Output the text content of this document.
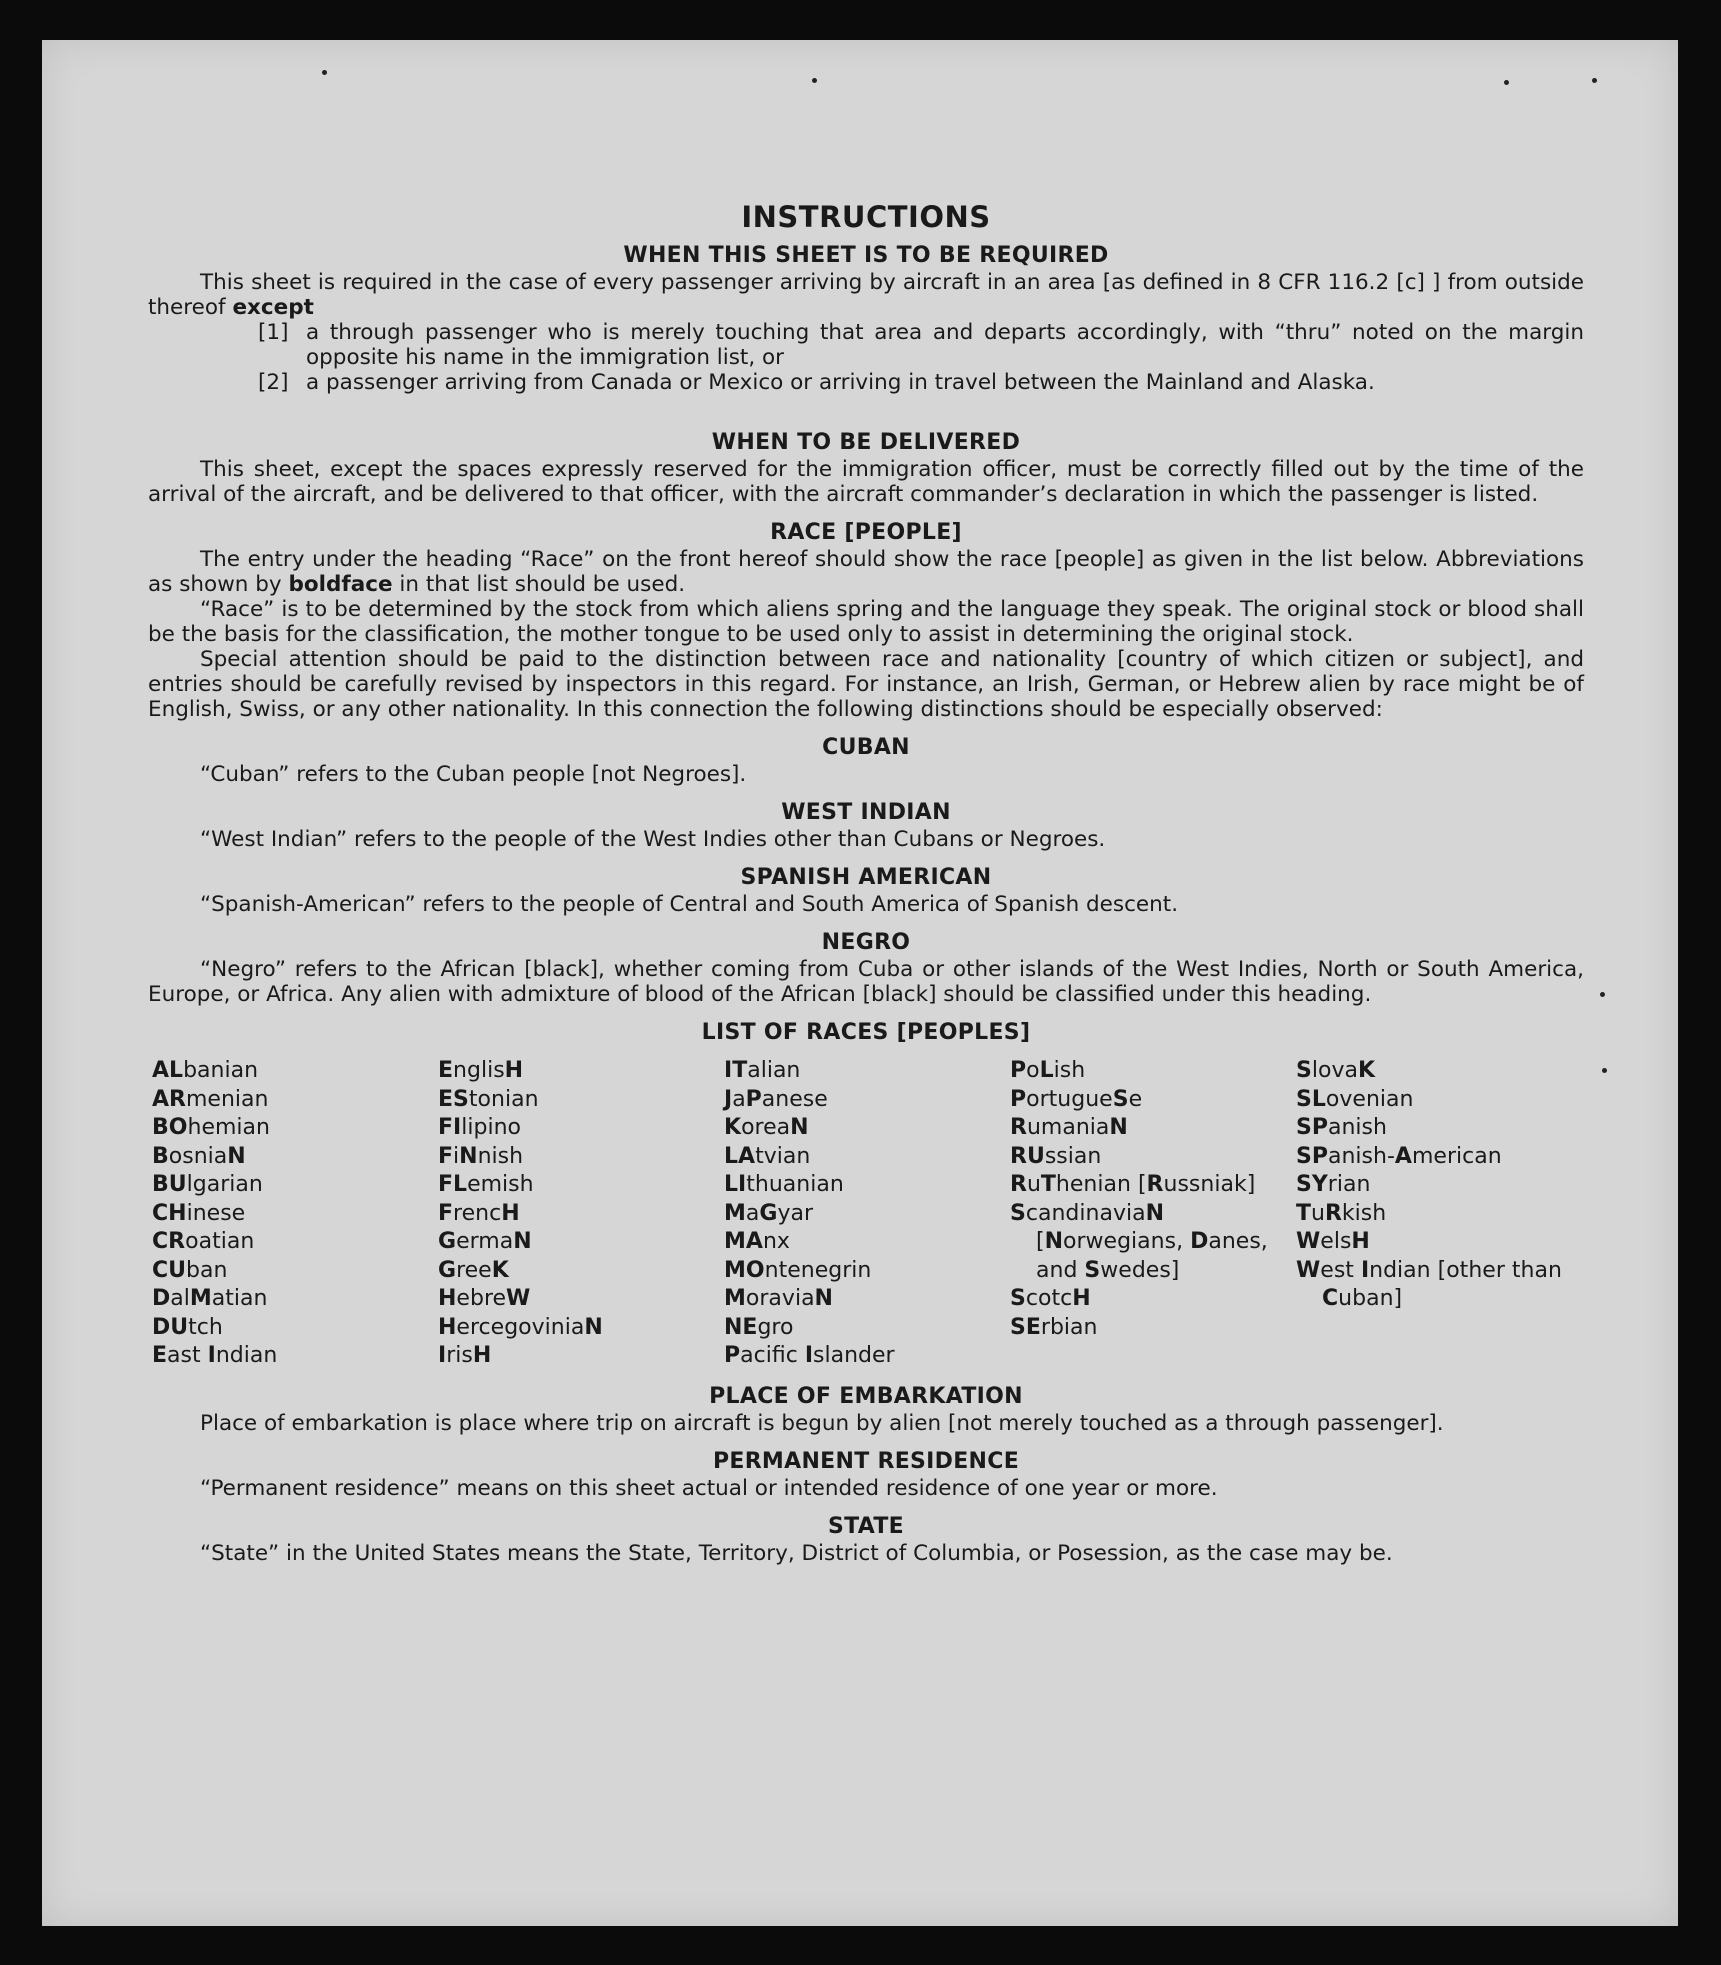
INSTRUCTIONS
WHEN THIS SHEET IS TO BE REQUIRED

This sheet is required in the case of every passenger arriving by aircraft in an area [as defined in 8 CFR 116.2 [c] ] from outside thereof except

[1] a through passenger who is merely touching that area and departs accordingly, with “thru” noted on the margin opposite his name in the immigration list, or
[2] a passenger arriving from Canada or Mexico or arriving in travel between the Mainland and Alaska.
WHEN TO BE DELIVERED

This sheet, except the spaces expressly reserved for the immigration officer, must be correctly filled out by the time of the arrival of the aircraft, and be delivered to that officer, with the aircraft commander’s declaration in which the passenger is listed.

RACE [PEOPLE]

The entry under the heading “Race” on the front hereof should show the race [people] as given in the list below. Abbreviations as shown by boldface in that list should be used.

“Race” is to be determined by the stock from which aliens spring and the language they speak. The original stock or blood shall be the basis for the classification, the mother tongue to be used only to assist in determining the original stock.

Special attention should be paid to the distinction between race and nationality [country of which citizen or subject], and entries should be carefully revised by inspectors in this regard. For instance, an Irish, German, or Hebrew alien by race might be of English, Swiss, or any other nationality. In this connection the following distinctions should be especially observed:

CUBAN

“Cuban” refers to the Cuban people [not Negroes].

WEST INDIAN

“West Indian” refers to the people of the West Indies other than Cubans or Negroes.

SPANISH AMERICAN

“Spanish-American” refers to the people of Central and South America of Spanish descent.

NEGRO

“Negro” refers to the African [black], whether coming from Cuba or other islands of the West Indies, North or South America, Europe, or Africa. Any alien with admixture of blood of the African [black] should be classified under this heading.

LIST OF RACES [PEOPLES]
ALbanian
ARmenian
BOhemian
BosniaN
BUlgarian
CHinese
CRoatian
CUban
DalMatian
DUtch
East Indian
EnglisH
EStonian
FIlipino
FiNnish
FLemish
FrencH
GermaN
GreeK
HebreW
HercegoviniaN
IrisH
ITalian
JaPanese
KoreaN
LAtvian
LIthuanian
MaGyar
MAnx
MOntenegrin
MoraviaN
NEgro
Pacifc Islander
PoLish
PortugueSe
RumaniaN
RUssian
RuThenian [Russniak]
ScandinaviaN [Norwegians, Danes, and Swedes]
ScotcH
SErbian
SlovaK
SLovenian
SPanish
SPanish-American
SYrian
TuRkish
WelsH
West Indian [other than Cuban]
PLACE OF EMBARKATION

Place of embarkation is place where trip on aircraft is begun by alien [not merely touched as a through passenger].

PERMANENT RESIDENCE

“Permanent residence” means on this sheet actual or intended residence of one year or more.

STATE

“State” in the United States means the State, Territory, District of Columbia, or Posession, as the case may be.
